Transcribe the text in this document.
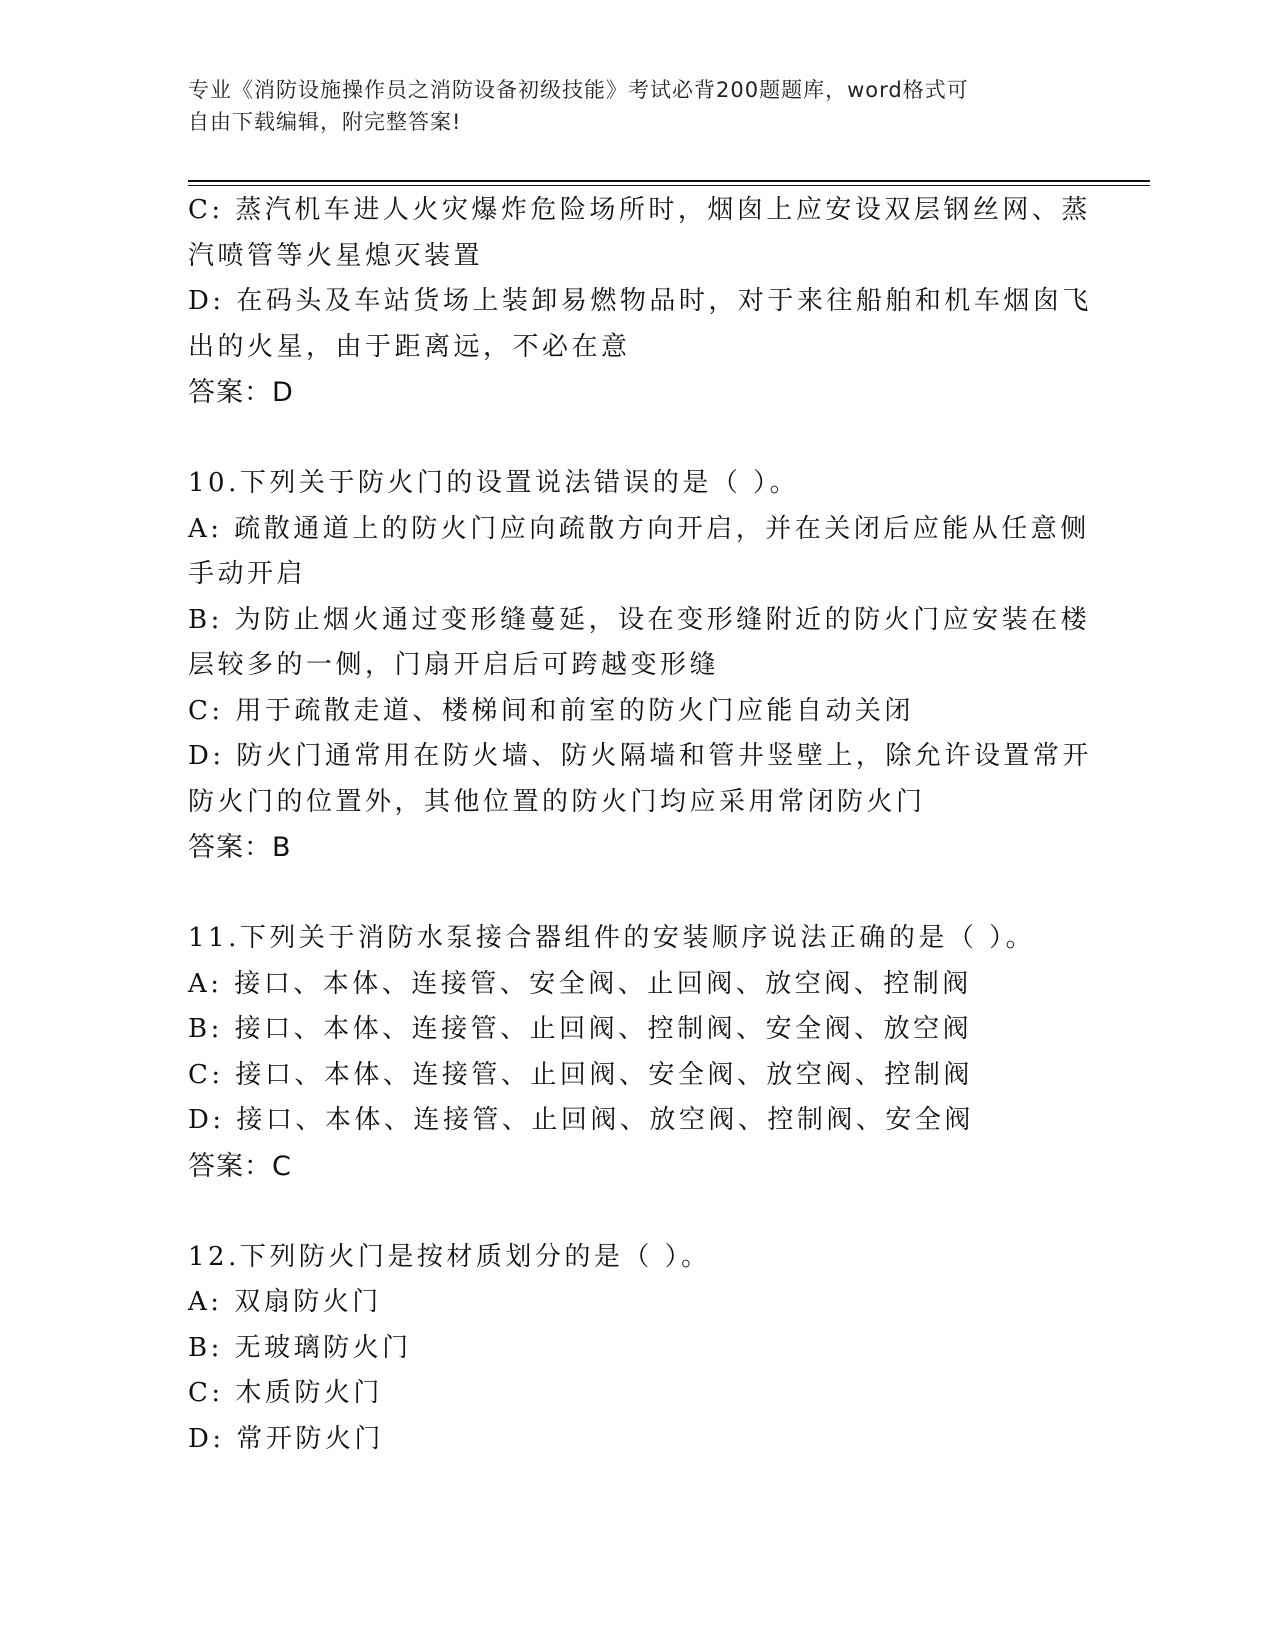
专业《消防设施操作员之消防设备初级技能》考试必背200题题库，word格式可
自由下载编辑，附完整答案!
C: 蒸汽机车进人火灾爆炸危险场所时，烟囱上应安设双层钢丝网、蒸
汽喷管等火星熄灭装置
D: 在码头及车站货场上装卸易燃物品时，对于来往船舶和机车烟囱飞
出的火星，由于距离远，不必在意
答案：D
10.下列关于防火门的设置说法错误的是（ ）。
A: 疏散通道上的防火门应向疏散方向开启，并在关闭后应能从任意侧
手动开启
B: 为防止烟火通过变形缝蔓延，设在变形缝附近的防火门应安装在楼
层较多的一侧，门扇开启后可跨越变形缝
C: 用于疏散走道、楼梯间和前室的防火门应能自动关闭
D: 防火门通常用在防火墙、防火隔墙和管井竖壁上，除允许设置常开
防火门的位置外，其他位置的防火门均应采用常闭防火门
答案：B
11.下列关于消防水泵接合器组件的安装顺序说法正确的是（ ）。
A: 接口、本体、连接管、安全阀、止回阀、放空阀、控制阀
B: 接口、本体、连接管、止回阀、控制阀、安全阀、放空阀
C: 接口、本体、连接管、止回阀、安全阀、放空阀、控制阀
D: 接口、本体、连接管、止回阀、放空阀、控制阀、安全阀
答案：C
12.下列防火门是按材质划分的是（ ）。
A: 双扇防火门
B: 无玻璃防火门
C: 木质防火门
D: 常开防火门
